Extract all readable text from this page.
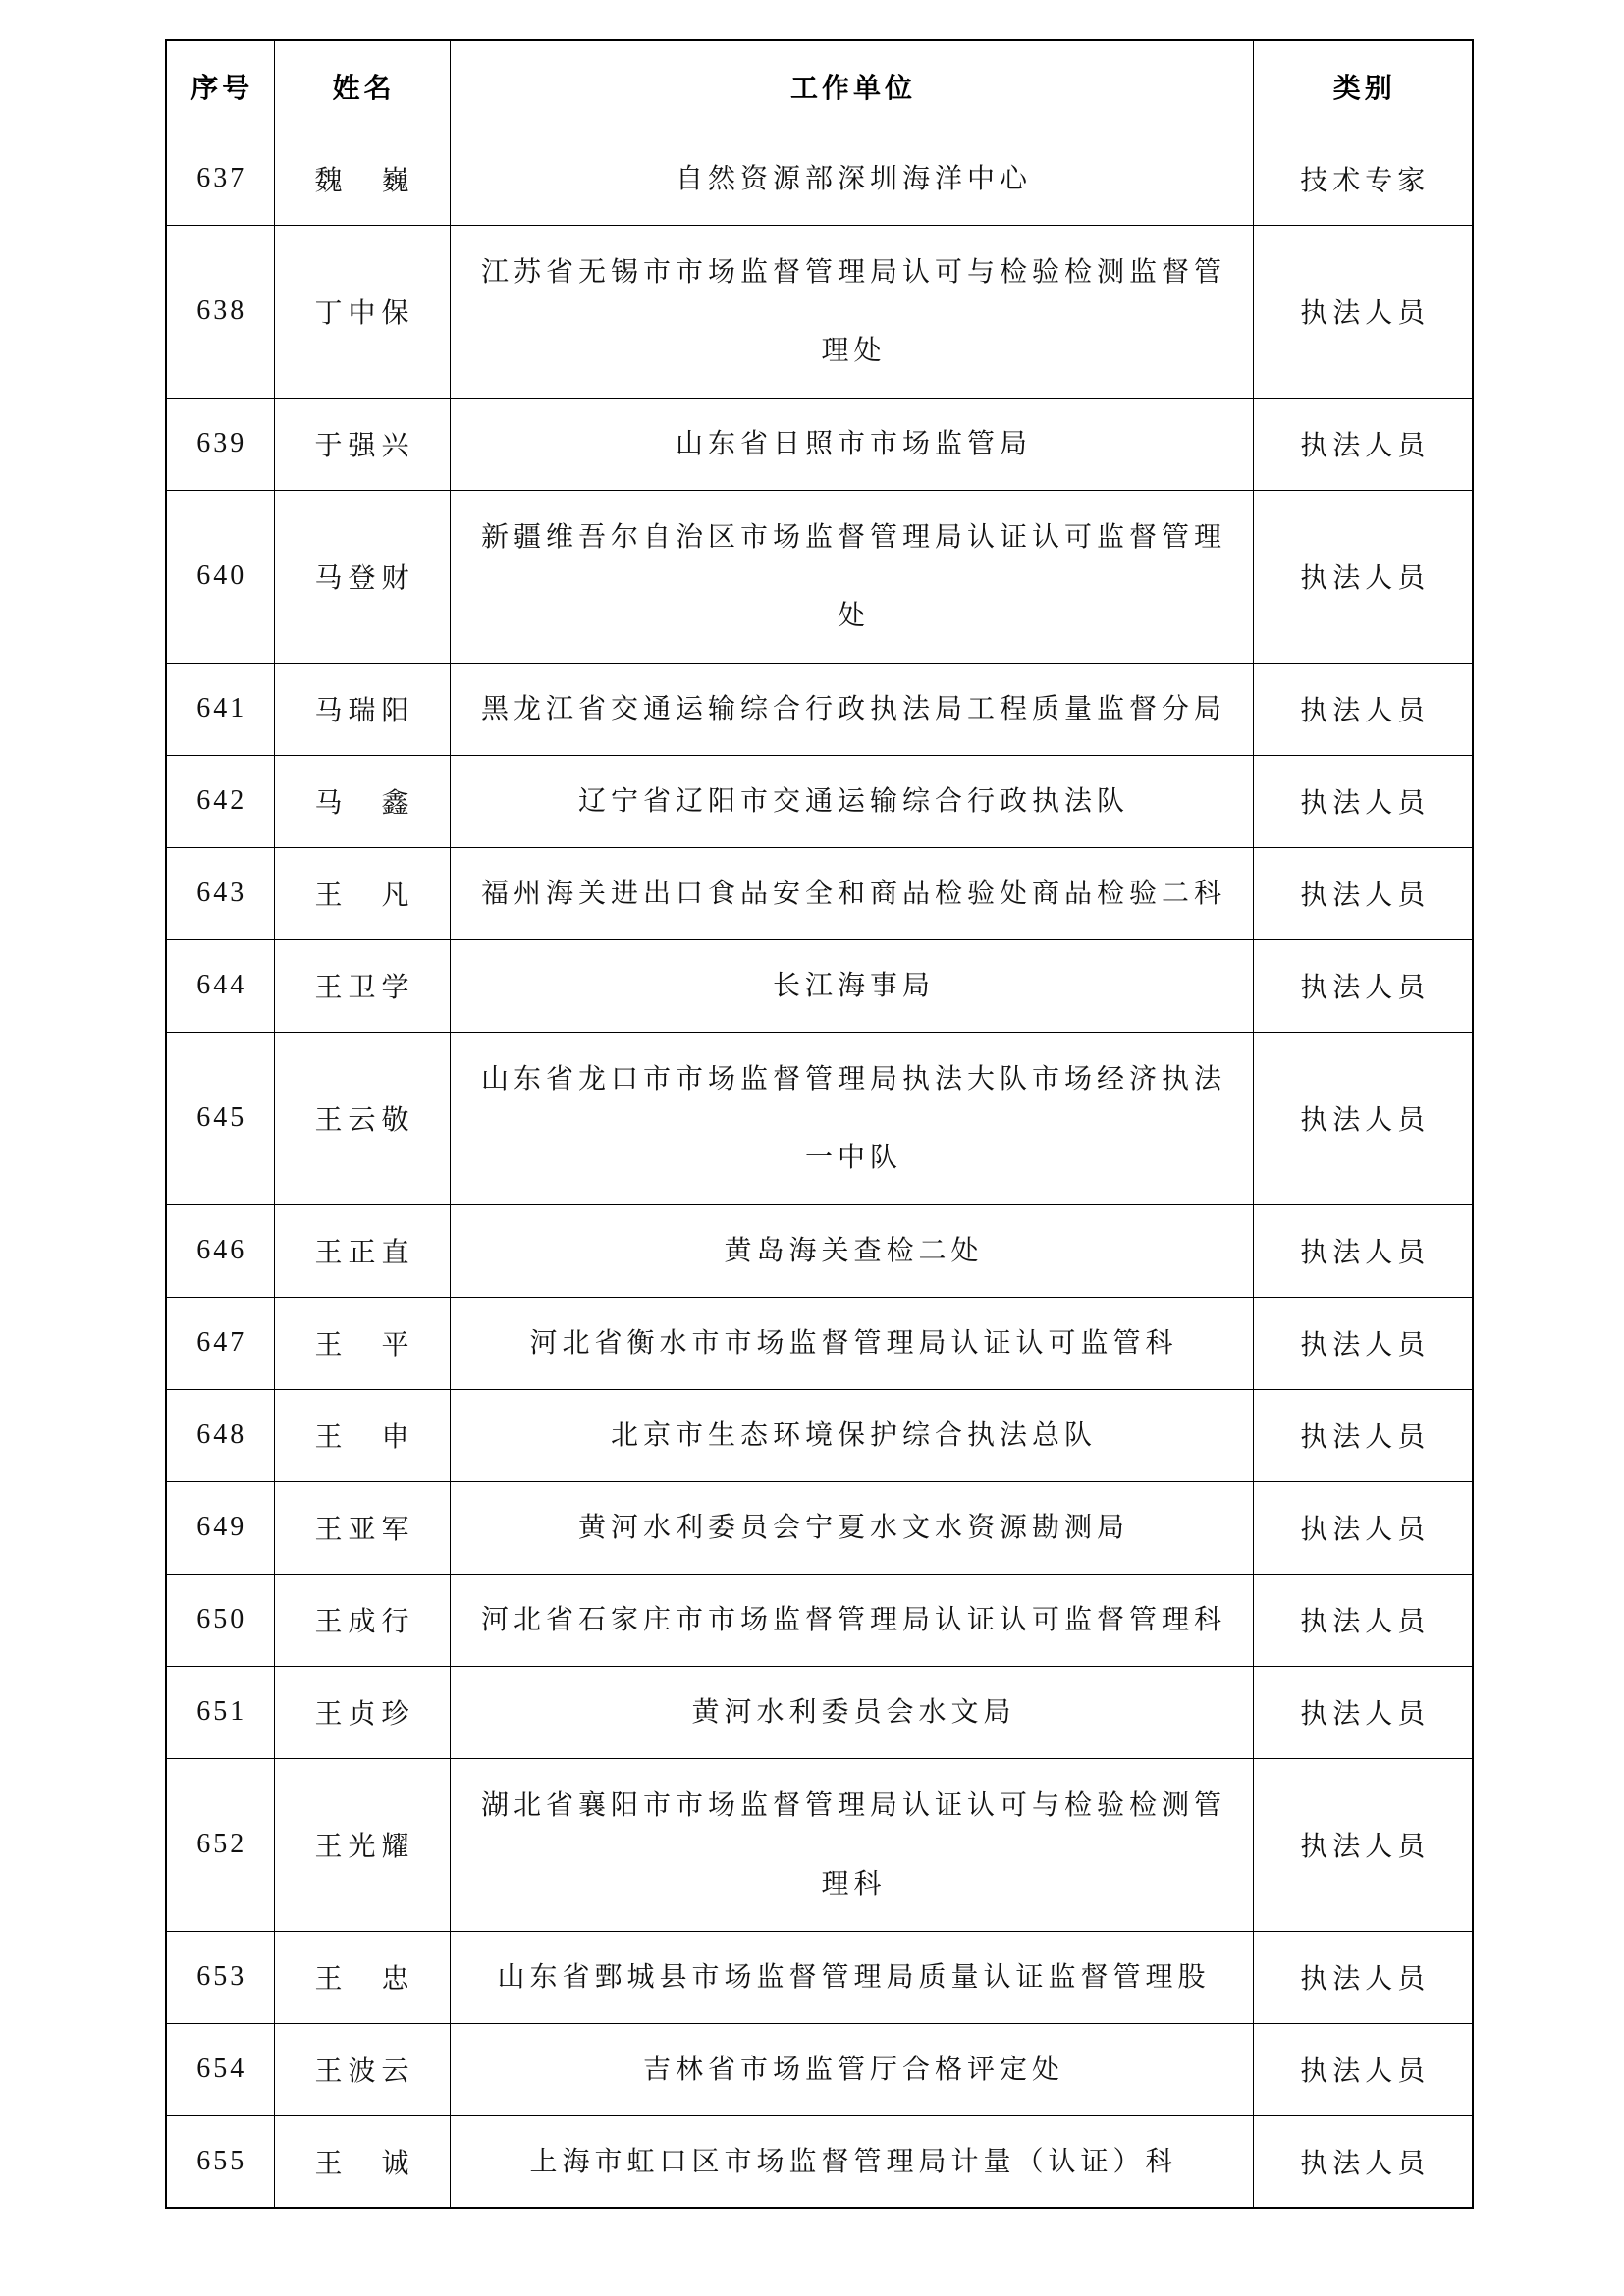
序号	姓名	工作单位	类别
637	魏　巍	自然资源部深圳海洋中心	技术专家
638	丁中保	江苏省无锡市市场监督管理局认可与检验检测监督管理处	执法人员
639	于强兴	山东省日照市市场监管局	执法人员
640	马登财	新疆维吾尔自治区市场监督管理局认证认可监督管理处	执法人员
641	马瑞阳	黑龙江省交通运输综合行政执法局工程质量监督分局	执法人员
642	马　鑫	辽宁省辽阳市交通运输综合行政执法队	执法人员
643	王　凡	福州海关进出口食品安全和商品检验处商品检验二科	执法人员
644	王卫学	长江海事局	执法人员
645	王云敬	山东省龙口市市场监督管理局执法大队市场经济执法一中队	执法人员
646	王正直	黄岛海关查检二处	执法人员
647	王　平	河北省衡水市市场监督管理局认证认可监管科	执法人员
648	王　申	北京市生态环境保护综合执法总队	执法人员
649	王亚军	黄河水利委员会宁夏水文水资源勘测局	执法人员
650	王成行	河北省石家庄市市场监督管理局认证认可监督管理科	执法人员
651	王贞珍	黄河水利委员会水文局	执法人员
652	王光耀	湖北省襄阳市市场监督管理局认证认可与检验检测管理科	执法人员
653	王　忠	山东省鄄城县市场监督管理局质量认证监督管理股	执法人员
654	王波云	吉林省市场监管厅合格评定处	执法人员
655	王　诚	上海市虹口区市场监督管理局计量（认证）科	执法人员
